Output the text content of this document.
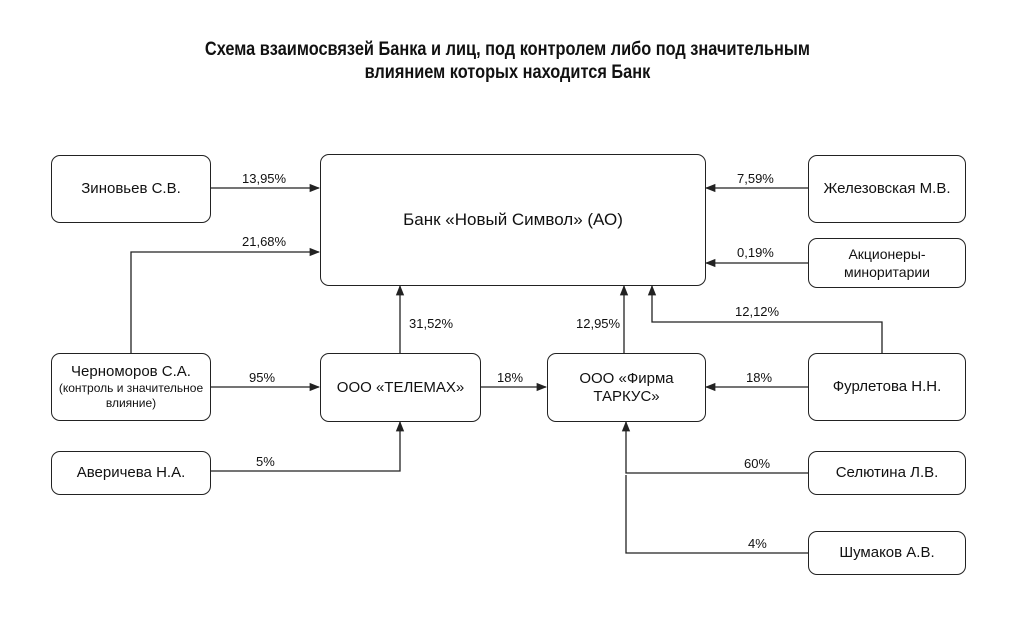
Схема взаимосвязей Банка и лиц, под контролем либо под значительным
влиянием которых находится Банк
Банк «Новый Символ» (АО)
Зиновьев С.В.	Железовская М.В.
Акционеры-миноритарии
Черноморов С.А.
(контроль и значительное влияние)
ООО «ТЕЛЕМАХ»
ООО «Фирма ТАРКУС»
Фурлетова Н.Н.
Аверичева Н.А.	Селютина Л.В.
Шумаков А.В.
13,95%
21,68%
7,59%
0,19%
31,52%	12,95%
12,12%
95%	18%	18%
5%	60%
4%
